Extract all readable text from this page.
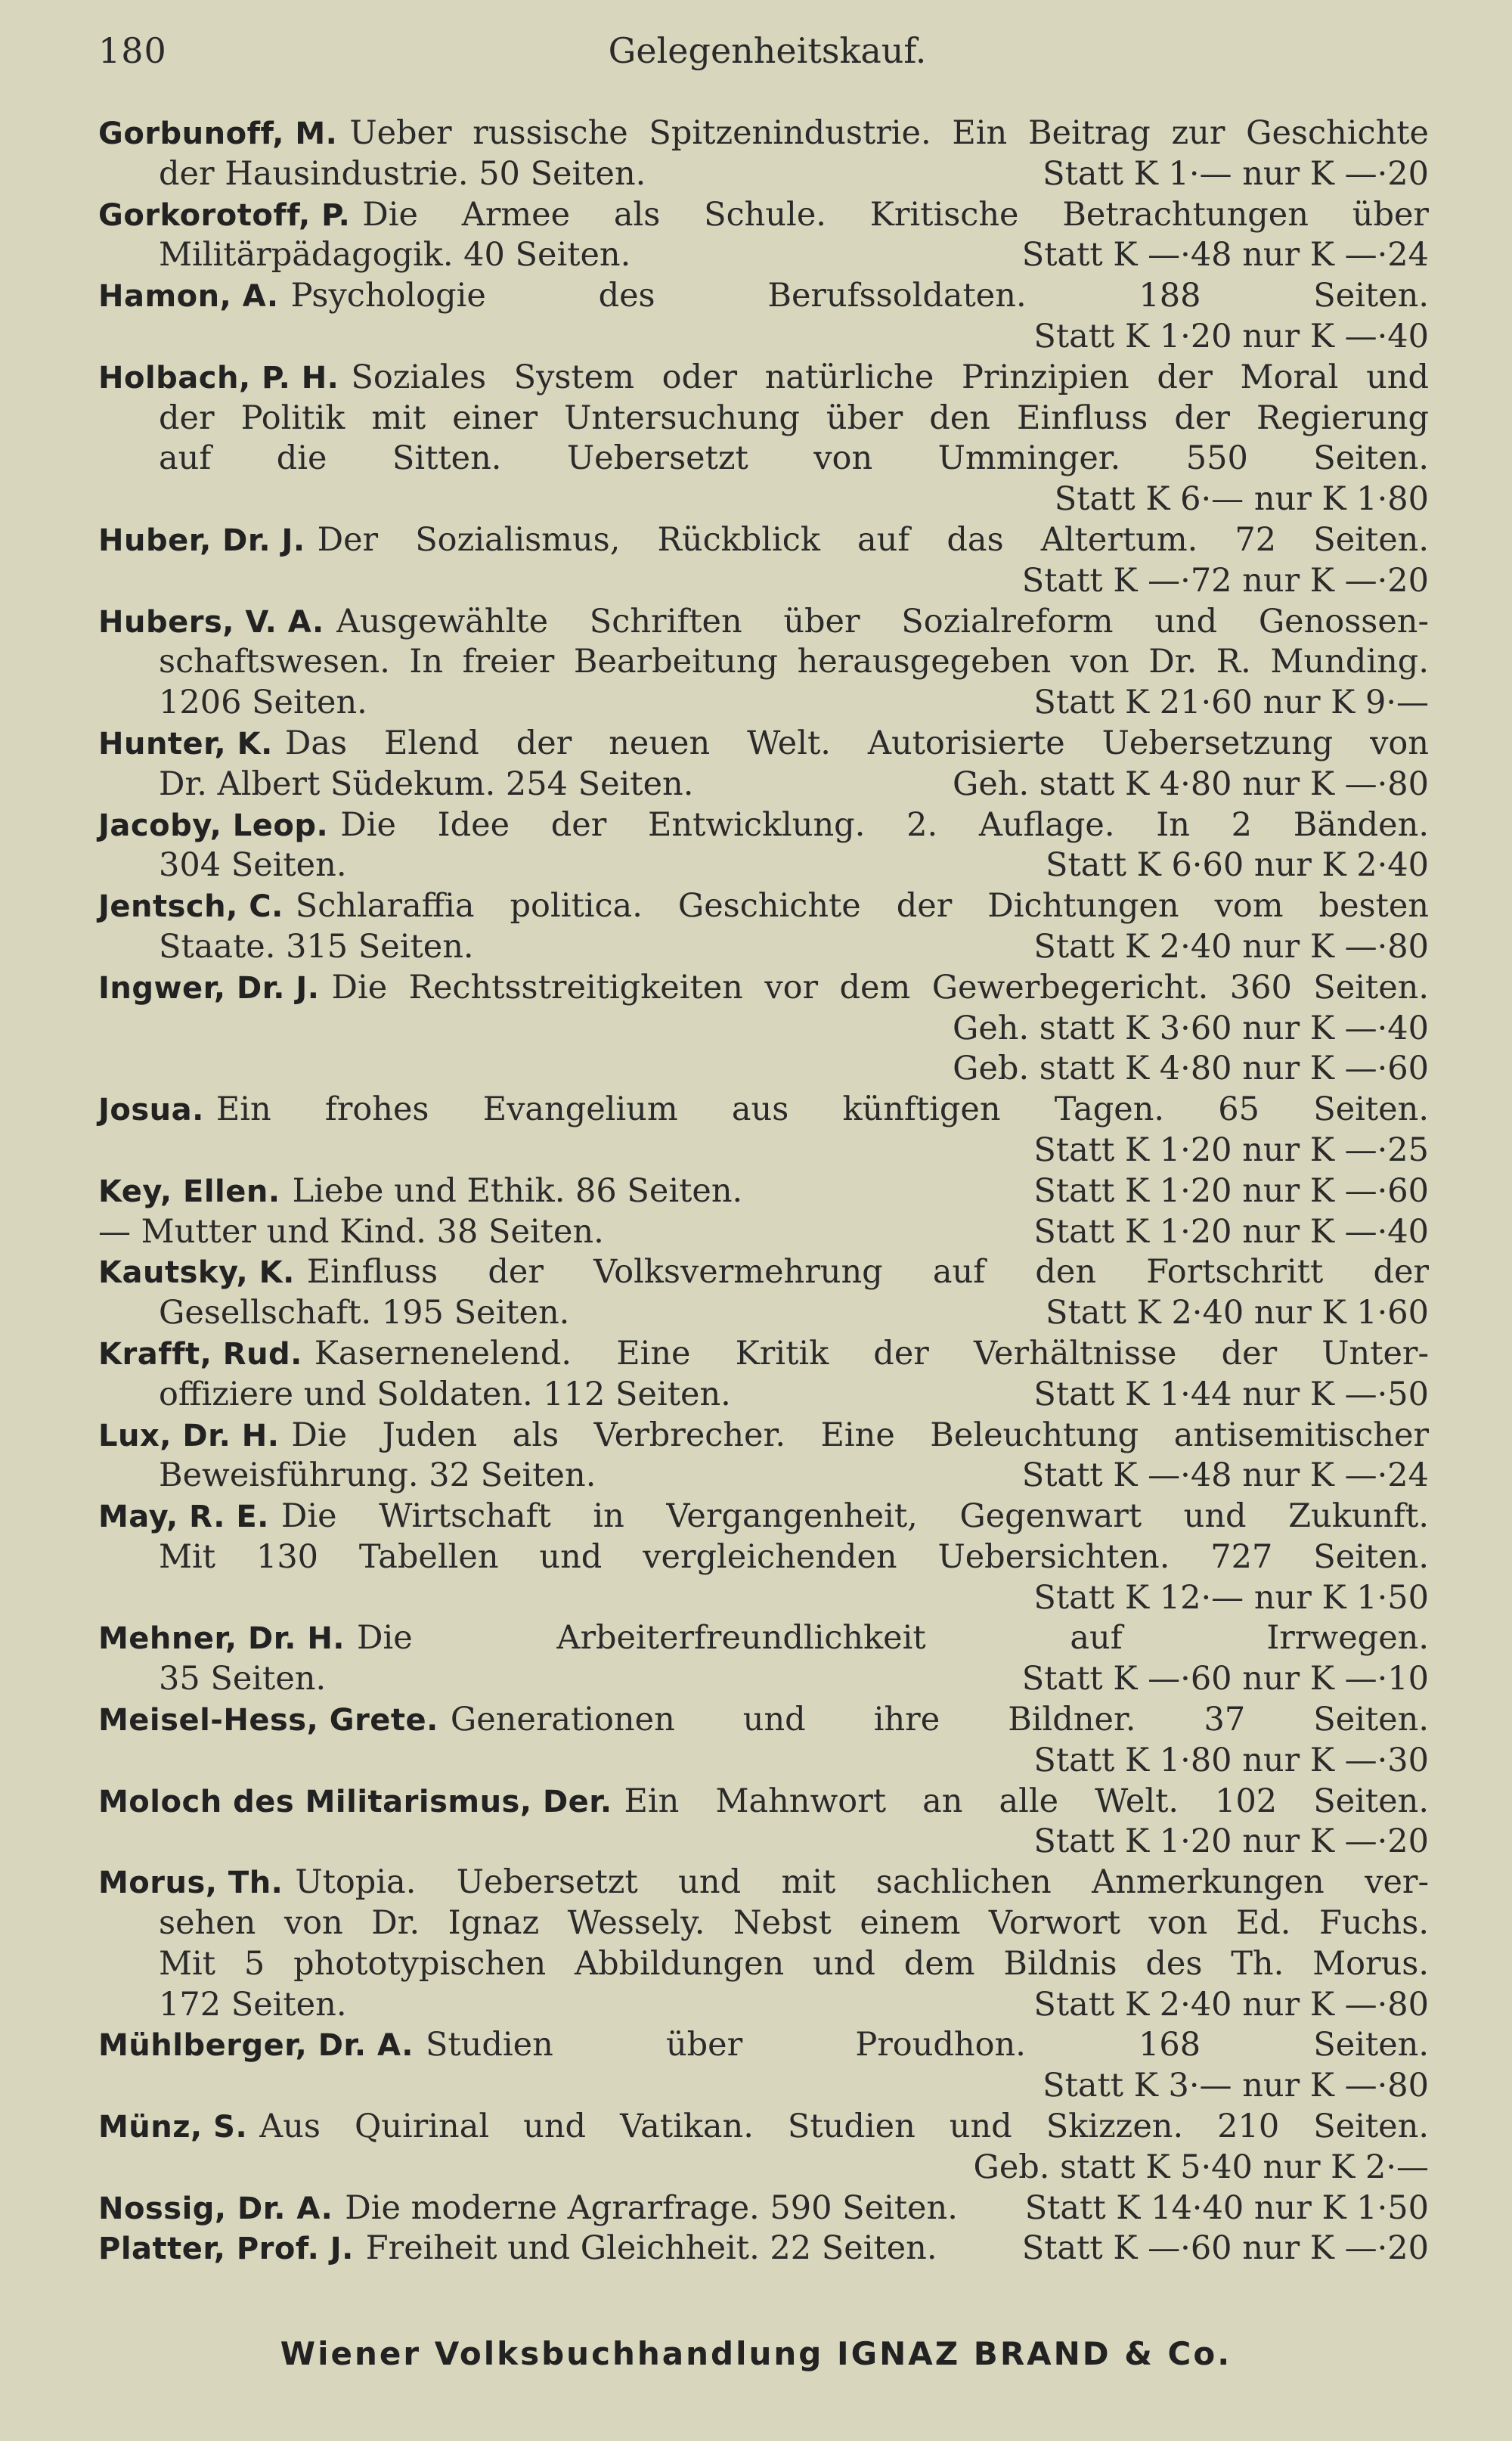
180	Gelegenheitskauf.
Gorbunoff, M. Ueber russische Spitzenindustrie. Ein Beitrag zur Geschichte
der Hausindustrie. 50 Seiten.	Statt K 1·— nur K —·20
Gorkorotoff, P. Die Armee als Schule. Kritische Betrachtungen über
Militärpädagogik. 40 Seiten.	Statt K —·48 nur K —·24
Hamon, A. Psychologie des Berufssoldaten. 188 Seiten.
Statt K 1·20 nur K —·40
Holbach, P. H. Soziales System oder natürliche Prinzipien der Moral und
der Politik mit einer Untersuchung über den Einfluss der Regierung
auf die Sitten. Uebersetzt von Umminger. 550 Seiten.
Statt K 6·— nur K 1·80
Huber, Dr. J. Der Sozialismus, Rückblick auf das Altertum. 72 Seiten.
Statt K —·72 nur K —·20
Hubers, V. A. Ausgewählte Schriften über Sozialreform und Genossen-
schaftswesen. In freier Bearbeitung herausgegeben von Dr. R. Munding.
1206 Seiten.	Statt K 21·60 nur K 9·—
Hunter, K. Das Elend der neuen Welt. Autorisierte Uebersetzung von
Dr. Albert Südekum. 254 Seiten.	Geh. statt K 4·80 nur K —·80
Jacoby, Leop. Die Idee der Entwicklung. 2. Auflage. In 2 Bänden.
304 Seiten.	Statt K 6·60 nur K 2·40
Jentsch, C. Schlaraffia politica. Geschichte der Dichtungen vom besten
Staate. 315 Seiten.	Statt K 2·40 nur K —·80
Ingwer, Dr. J. Die Rechtsstreitigkeiten vor dem Gewerbegericht. 360 Seiten.
Geh. statt K 3·60 nur K —·40
Geb. statt K 4·80 nur K —·60
Josua. Ein frohes Evangelium aus künftigen Tagen. 65 Seiten.
Statt K 1·20 nur K —·25
Key, Ellen. Liebe und Ethik. 86 Seiten.	Statt K 1·20 nur K —·60
— Mutter und Kind. 38 Seiten.	Statt K 1·20 nur K —·40
Kautsky, K. Einfluss der Volksvermehrung auf den Fortschritt der
Gesellschaft. 195 Seiten.	Statt K 2·40 nur K 1·60
Krafft, Rud. Kasernenelend. Eine Kritik der Verhältnisse der Unter-
offiziere und Soldaten. 112 Seiten.	Statt K 1·44 nur K —·50
Lux, Dr. H. Die Juden als Verbrecher. Eine Beleuchtung antisemitischer
Beweisführung. 32 Seiten.	Statt K —·48 nur K —·24
May, R. E. Die Wirtschaft in Vergangenheit, Gegenwart und Zukunft.
Mit 130 Tabellen und vergleichenden Uebersichten. 727 Seiten.
Statt K 12·— nur K 1·50
Mehner, Dr. H. Die Arbeiterfreundlichkeit auf Irrwegen.
35 Seiten.	Statt K —·60 nur K —·10
Meisel-Hess, Grete. Generationen und ihre Bildner. 37 Seiten.
Statt K 1·80 nur K —·30
Moloch des Militarismus, Der. Ein Mahnwort an alle Welt. 102 Seiten.
Statt K 1·20 nur K —·20
Morus, Th. Utopia. Uebersetzt und mit sachlichen Anmerkungen ver-
sehen von Dr. Ignaz Wessely. Nebst einem Vorwort von Ed. Fuchs.
Mit 5 phototypischen Abbildungen und dem Bildnis des Th. Morus.
172 Seiten.	Statt K 2·40 nur K —·80
Mühlberger, Dr. A. Studien über Proudhon. 168 Seiten.
Statt K 3·— nur K —·80
Münz, S. Aus Quirinal und Vatikan. Studien und Skizzen. 210 Seiten.
Geb. statt K 5·40 nur K 2·—
Nossig, Dr. A. Die moderne Agrarfrage. 590 Seiten.	Statt K 14·40 nur K 1·50
Platter, Prof. J. Freiheit und Gleichheit. 22 Seiten.	Statt K —·60 nur K —·20
Wiener Volksbuchhandlung IGNAZ BRAND & Co.
